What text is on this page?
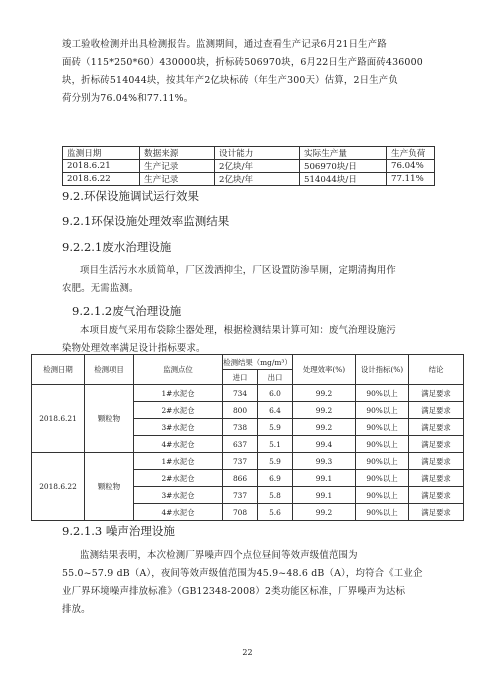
竣工验收检测并出具检测报告。监测期间，通过查看生产记录6月21日生产路
面砖（115*250*60）430000块，折标砖506970块，6月22日生产路面砖436000
块，折标砖514044块，按其年产2亿块标砖（年生产300天）估算，2日生产负
荷分别为76.04%和77.11%。
监测日期	数据来源	设计能力	实际生产量	生产负荷
2018.6.21	生产记录	2亿块/年	506970块/日	76.04%
2018.6.22	生产记录	2亿块/年	514044块/日	77.11%
9.2.环保设施调试运行效果
9.2.1环保设施处理效率监测结果
9.2.2.1废水治理设施
项目生活污水水质简单，厂区泼洒抑尘，厂区设置防渗旱厕，定期清掏用作
农肥。无需监测。
9.2.1.2废气治理设施
本项目废气采用布袋除尘器处理，根据检测结果计算可知：废气治理设施污
染物处理效率满足设计指标要求。
检测日期	检测项目	监测点位	检测结果（mg/m³）		处理效率(%)	设计指标(%)	结论
			进口	出口			
2018.6.21	颗粒物	1#水泥仓	734	6.0	99.2	90%以上	满足要求
		2#水泥仓	800	6.4	99.2	90%以上	满足要求
		3#水泥仓	738	5.9	99.2	90%以上	满足要求
		4#水泥仓	637	5.1	99.4	90%以上	满足要求
2018.6.22	颗粒物	1#水泥仓	737	5.9	99.3	90%以上	满足要求
		2#水泥仓	866	6.9	99.1	90%以上	满足要求
		3#水泥仓	737	5.8	99.1	90%以上	满足要求
		4#水泥仓	708	5.6	99.2	90%以上	满足要求
9.2.1.3 噪声治理设施
监测结果表明，本次检测厂界噪声四个点位昼间等效声级值范围为
55.0~57.9 dB（A），夜间等效声级值范围为45.9~48.6 dB（A），均符合《工业企
业厂界环境噪声排放标准》（GB12348-2008）2类功能区标准，厂界噪声为达标
排放。
22
